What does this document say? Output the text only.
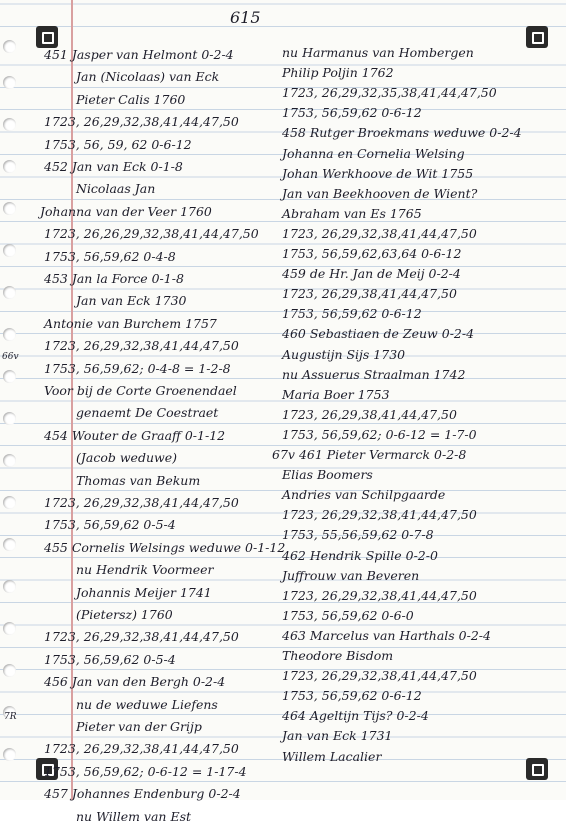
615
66v
7R
451 Jasper van Helmont 0-2-4
Jan (Nicolaas) van Eck
Pieter Calis 1760
1723, 26,29,32,38,41,44,47,50
1753, 56, 59, 62 0-6-12
452 Jan van Eck 0-1-8
Nicolaas Jan
Johanna van der Veer 1760
1723, 26,26,29,32,38,41,44,47,50
1753, 56,59,62 0-4-8
453 Jan la Force 0-1-8
Jan van Eck 1730
Antonie van Burchem 1757
1723, 26,29,32,38,41,44,47,50
1753, 56,59,62; 0-4-8 = 1-2-8
Voor bij de Corte Groenendael
genaemt De Coestraet
454 Wouter de Graaff 0-1-12
(Jacob weduwe)
Thomas van Bekum
1723, 26,29,32,38,41,44,47,50
1753, 56,59,62 0-5-4
455 Cornelis Welsings weduwe 0-1-12
nu Hendrik Voormeer
Johannis Meijer 1741
(Pietersz) 1760
1723, 26,29,32,38,41,44,47,50
1753, 56,59,62 0-5-4
456 Jan van den Bergh 0-2-4
nu de weduwe Liefens
Pieter van der Grijp
1723, 26,29,32,38,41,44,47,50
1753, 56,59,62; 0-6-12 = 1-17-4
457 Johannes Endenburg 0-2-4
nu Willem van Est
nu Harmanus van Hombergen
Philip Poljin 1762
1723, 26,29,32,35,38,41,44,47,50
1753, 56,59,62 0-6-12
458 Rutger Broekmans weduwe 0-2-4
Johanna en Cornelia Welsing
Johan Werkhoove de Wit 1755
Jan van Beekhooven de Wient?
Abraham van Es 1765
1723, 26,29,32,38,41,44,47,50
1753, 56,59,62,63,64 0-6-12
459 de Hr. Jan de Meij 0-2-4
1723, 26,29,38,41,44,47,50
1753, 56,59,62 0-6-12
460 Sebastiaen de Zeuw 0-2-4
Augustijn Sijs 1730
nu Assuerus Straalman 1742
Maria Boer 1753
1723, 26,29,38,41,44,47,50
1753, 56,59,62; 0-6-12 = 1-7-0
67v 461 Pieter Vermarck 0-2-8
Elias Boomers
Andries van Schilpgaarde
1723, 26,29,32,38,41,44,47,50
1753, 55,56,59,62 0-7-8
462 Hendrik Spille 0-2-0
Juffrouw van Beveren
1723, 26,29,32,38,41,44,47,50
1753, 56,59,62 0-6-0
463 Marcelus van Harthals 0-2-4
Theodore Bisdom
1723, 26,29,32,38,41,44,47,50
1753, 56,59,62 0-6-12
464 Ageltijn Tijs? 0-2-4
Jan van Eck 1731
Willem Lacalier
